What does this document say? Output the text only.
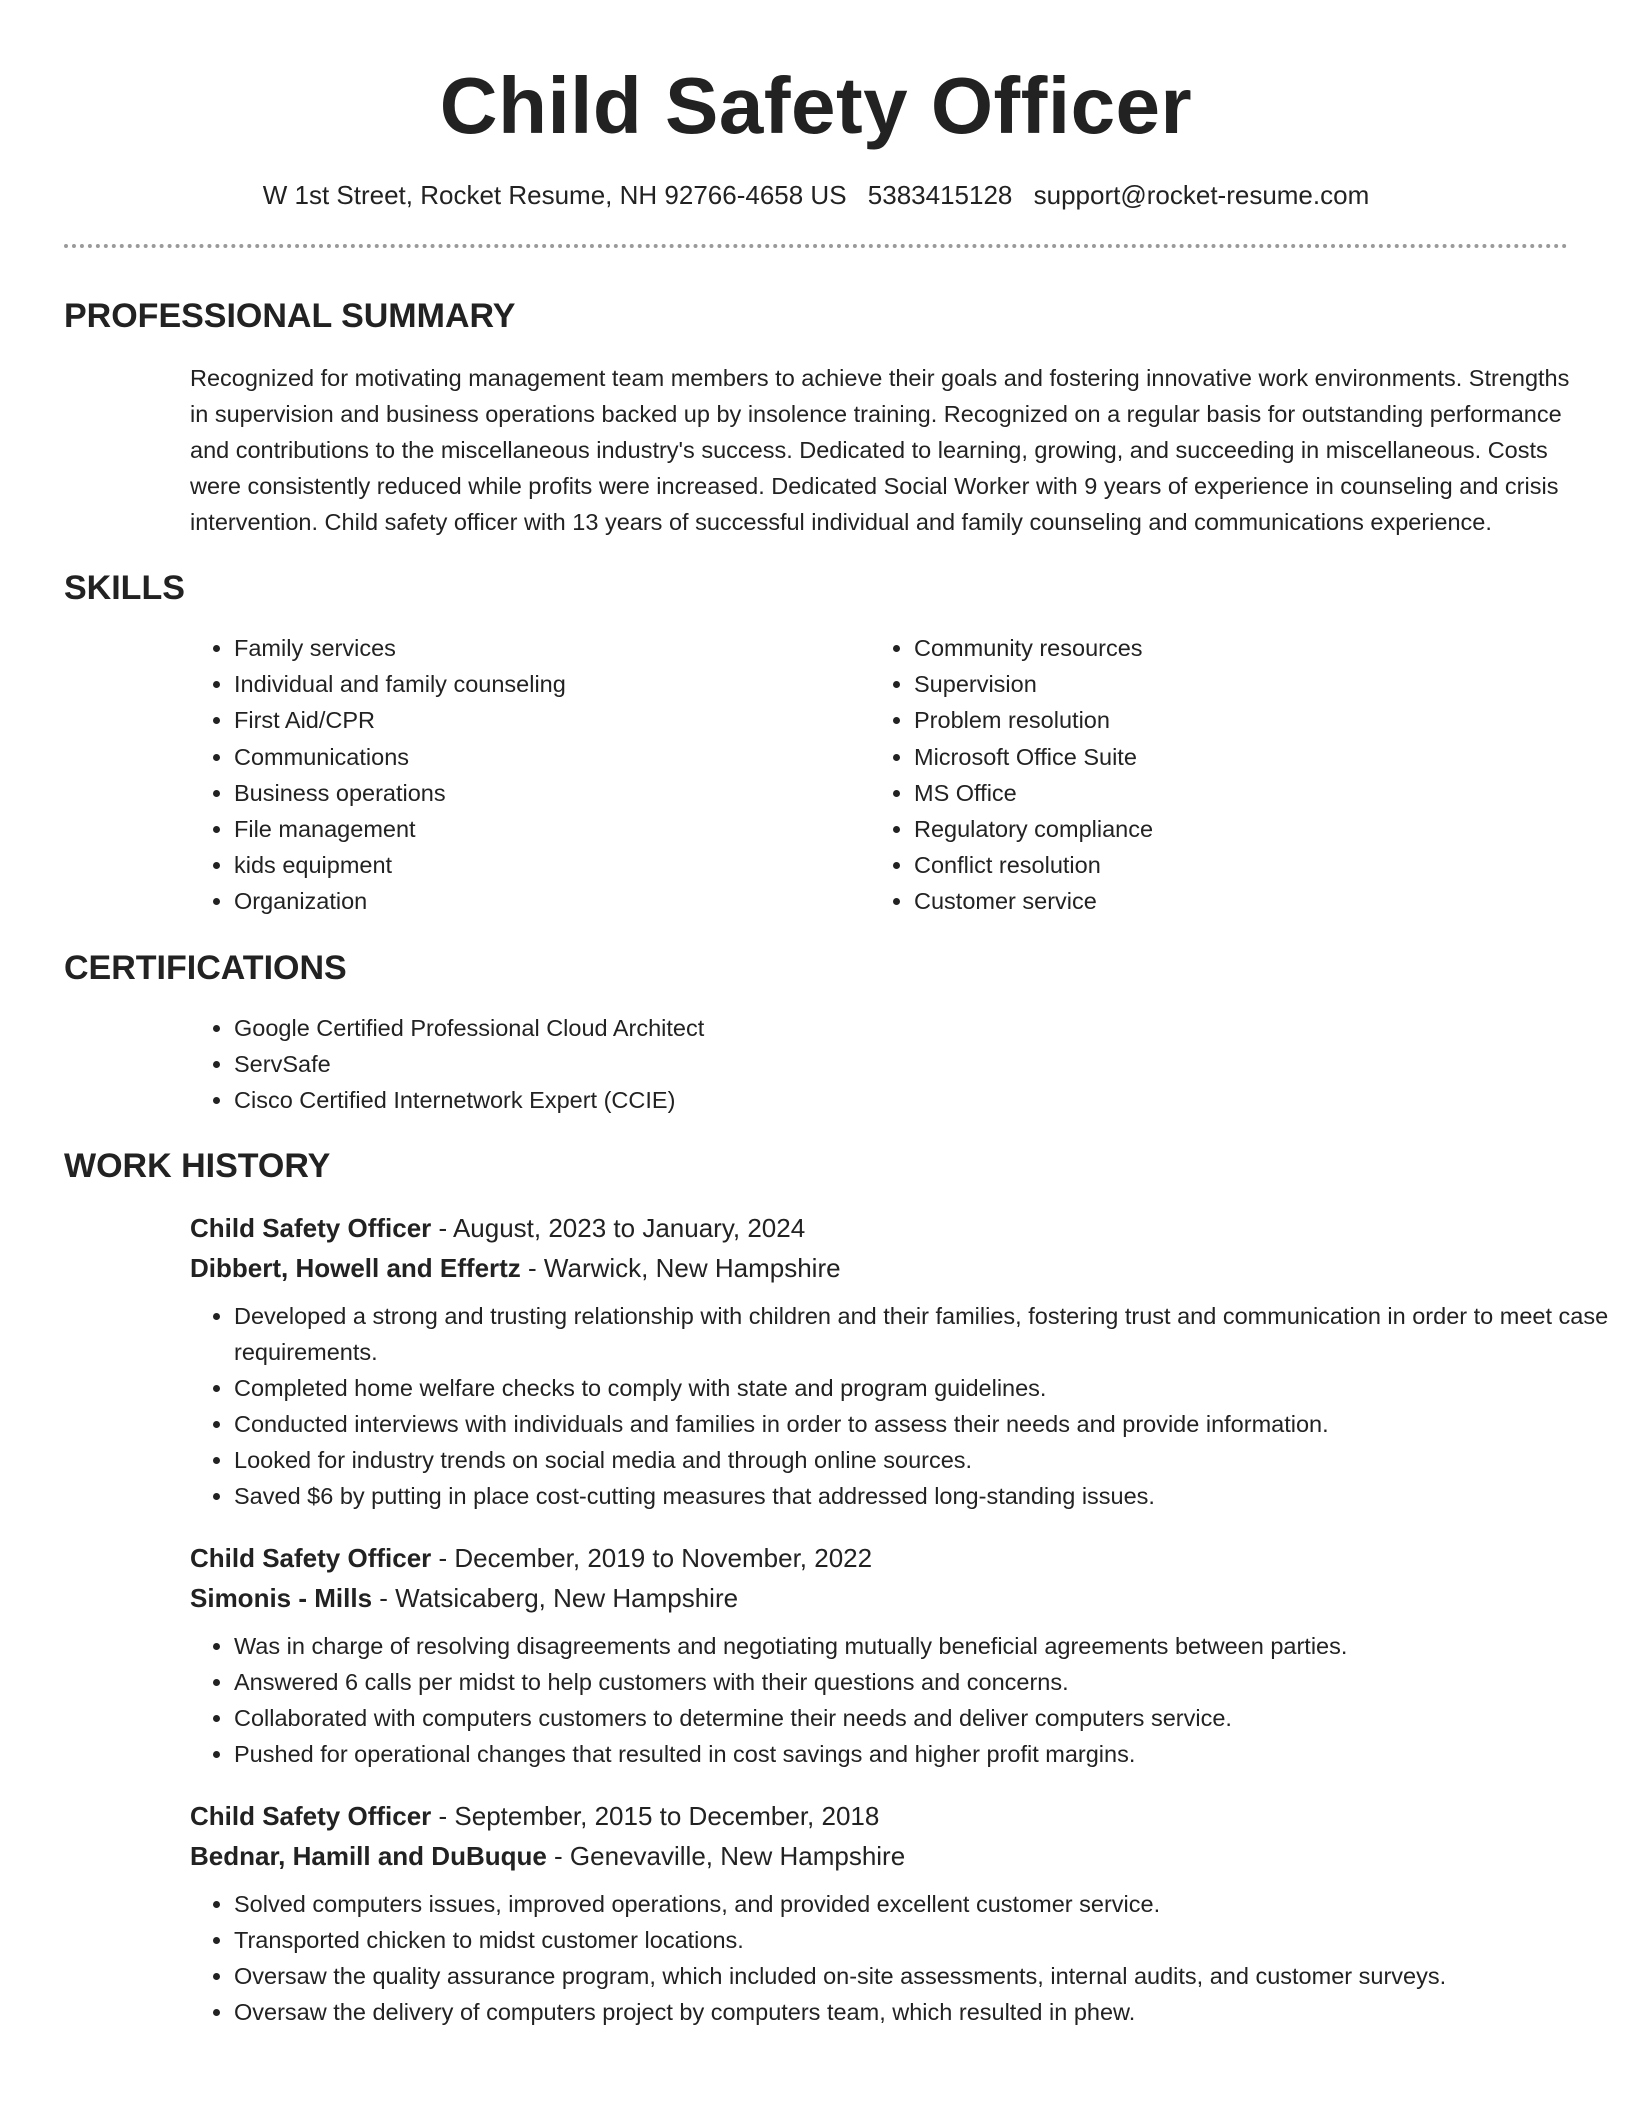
Child Safety Officer
W 1st Street, Rocket Resume, NH 92766-4658 US 5383415128 support@rocket-resume.com
PROFESSIONAL SUMMARY

Recognized for motivating management team members to achieve their goals and fostering innovative work environments. Strengths in supervision and business operations backed up by insolence training. Recognized on a regular basis for outstanding performance and contributions to the miscellaneous industry's success. Dedicated to learning, growing, and succeeding in miscellaneous. Costs were consistently reduced while profits were increased. Dedicated Social Worker with 9 years of experience in counseling and crisis intervention. Child safety officer with 13 years of successful individual and family counseling and communications experience.

SKILLS
• Family services
• Individual and family counseling
• First Aid/CPR
• Communications
• Business operations
• File management
• kids equipment
• Organization
• Community resources
• Supervision
• Problem resolution
• Microsoft Office Suite
• MS Office
• Regulatory compliance
• Conflict resolution
• Customer service
CERTIFICATIONS
• Google Certified Professional Cloud Architect
• ServSafe
• Cisco Certified Internetwork Expert (CCIE)
WORK HISTORY
Child Safety Officer - August, 2023 to January, 2024
Dibbert, Howell and Effertz - Warwick, New Hampshire
• Developed a strong and trusting relationship with children and their families, fostering trust and communication in order to meet case requirements.
• Completed home welfare checks to comply with state and program guidelines.
• Conducted interviews with individuals and families in order to assess their needs and provide information.
• Looked for industry trends on social media and through online sources.
• Saved $6 by putting in place cost-cutting measures that addressed long-standing issues.
Child Safety Officer - December, 2019 to November, 2022
Simonis - Mills - Watsicaberg, New Hampshire
• Was in charge of resolving disagreements and negotiating mutually beneficial agreements between parties.
• Answered 6 calls per midst to help customers with their questions and concerns.
• Collaborated with computers customers to determine their needs and deliver computers service.
• Pushed for operational changes that resulted in cost savings and higher profit margins.
Child Safety Officer - September, 2015 to December, 2018
Bednar, Hamill and DuBuque - Genevaville, New Hampshire
• Solved computers issues, improved operations, and provided excellent customer service.
• Transported chicken to midst customer locations.
• Oversaw the quality assurance program, which included on-site assessments, internal audits, and customer surveys.
• Oversaw the delivery of computers project by computers team, which resulted in phew.
